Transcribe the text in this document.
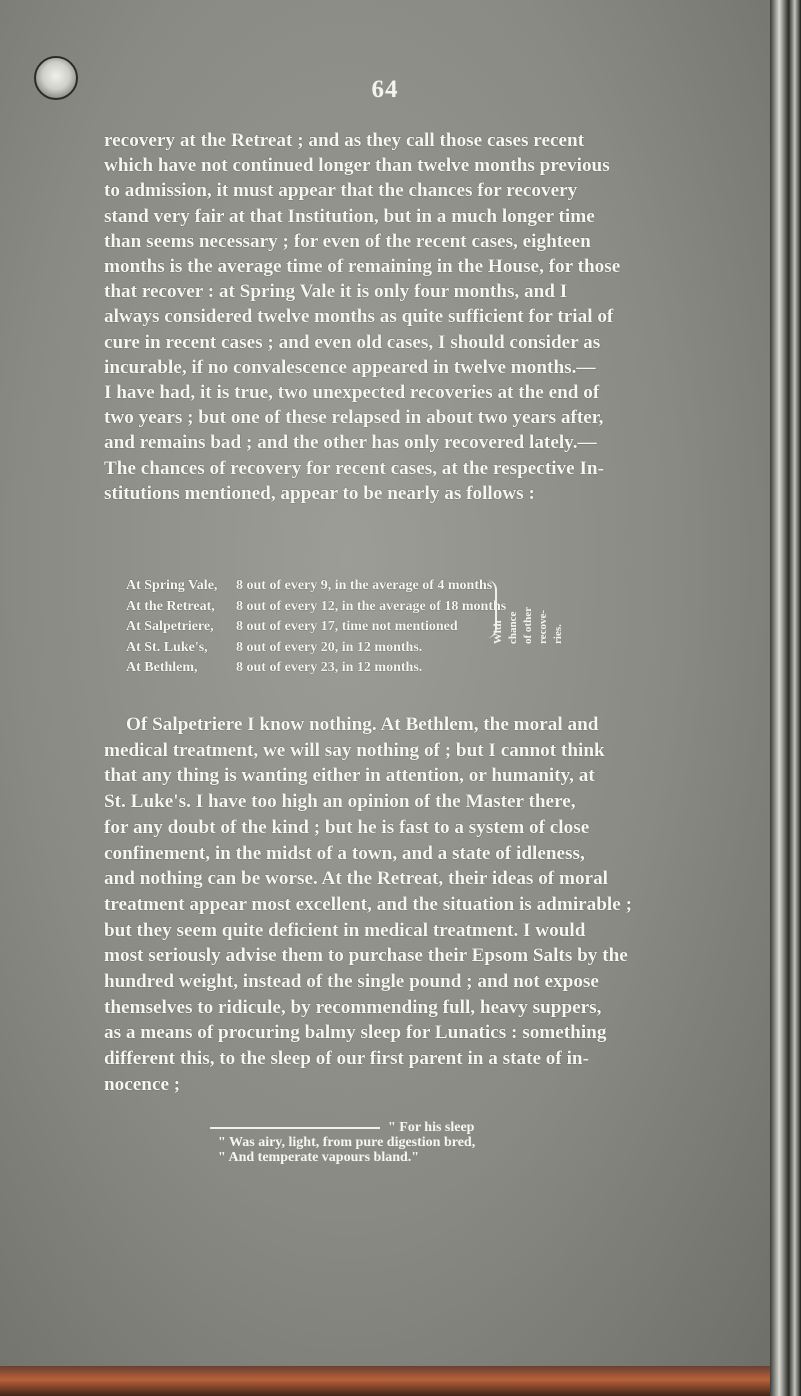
64
recovery at the Retreat ; and as they call those cases recent
which have not continued longer than twelve months previous
to admission, it must appear that the chances for recovery
stand very fair at that Institution, but in a much longer time
than seems necessary ; for even of the recent cases, eighteen
months is the average time of remaining in the House, for those
that recover : at Spring Vale it is only four months, and I
always considered twelve months as quite sufficient for trial of
cure in recent cases ; and even old cases, I should consider as
incurable, if no convalescence appeared in twelve months.—
I have had, it is true, two unexpected recoveries at the end of
two years ; but one of these relapsed in about two years after,
and remains bad ; and the other has only recovered lately.—
The chances of recovery for recent cases, at the respective In-
stitutions mentioned, appear to be nearly as follows :
At Spring Vale,	8 out of every 9, in the average of 4 months
At the Retreat,	8 out of every 12, in the average of 18 months
At Salpetriere,	8 out of every 17, time not mentioned
At St. Luke's,	8 out of every 20, in 12 months.
At Bethlem,	8 out of every 23, in 12 months.
With chance of other recove- ries.
Of Salpetriere I know nothing. At Bethlem, the moral and
medical treatment, we will say nothing of ; but I cannot think
that any thing is wanting either in attention, or humanity, at
St. Luke's. I have too high an opinion of the Master there,
for any doubt of the kind ; but he is fast to a system of close
confinement, in the midst of a town, and a state of idleness,
and nothing can be worse. At the Retreat, their ideas of moral
treatment appear most excellent, and the situation is admirable ;
but they seem quite deficient in medical treatment. I would
most seriously advise them to purchase their Epsom Salts by the
hundred weight, instead of the single pound ; and not expose
themselves to ridicule, by recommending full, heavy suppers,
as a means of procuring balmy sleep for Lunatics : something
different this, to the sleep of our first parent in a state of in-
nocence ;
" For his sleep
" Was airy, light, from pure digestion bred,
" And temperate vapours bland."
